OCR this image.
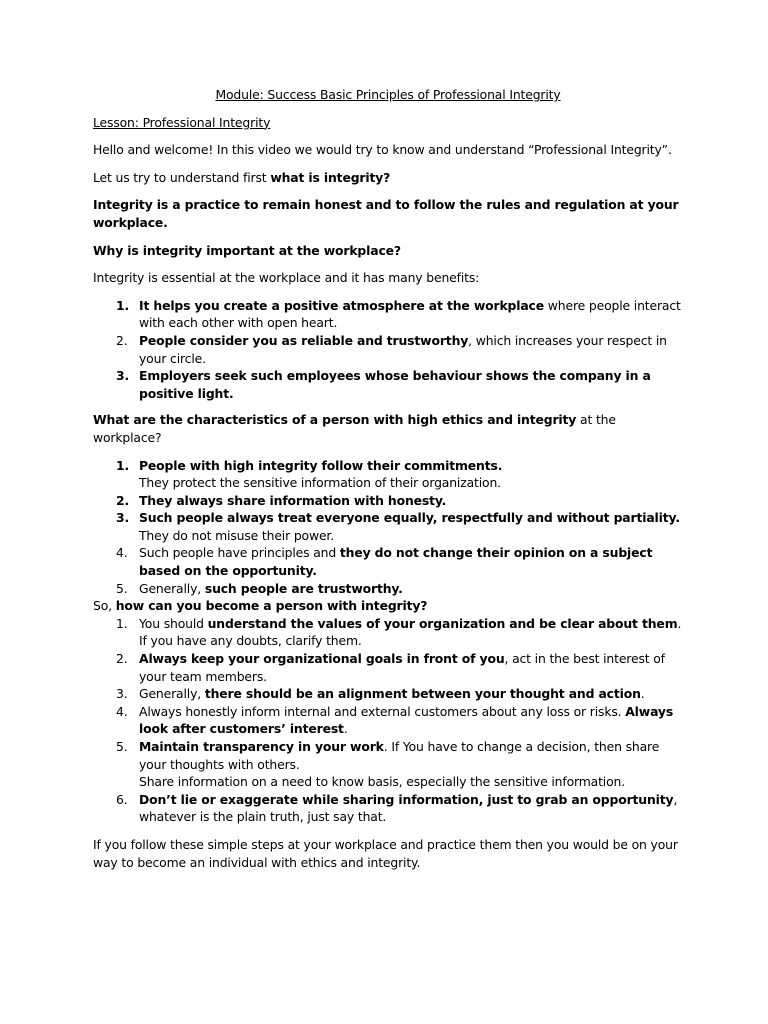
Module: Success Basic Principles of Professional Integrity

Lesson: Professional Integrity

Hello and welcome! In this video we would try to know and understand “Professional Integrity”.

Let us try to understand first what is integrity?

Integrity is a practice to remain honest and to follow the rules and regulation at your workplace.

Why is integrity important at the workplace?

Integrity is essential at the workplace and it has many benefits:

1. It helps you create a positive atmosphere at the workplace where people interact with each other with open heart.
2. People consider you as reliable and trustworthy, which increases your respect in your circle.
3. Employers seek such employees whose behaviour shows the company in a positive light.

What are the characteristics of a person with high ethics and integrity at the workplace?

1. People with high integrity follow their commitments.
They protect the sensitive information of their organization.
2. They always share information with honesty.
3. Such people always treat everyone equally, respectfully and without partiality.
They do not misuse their power.
4. Such people have principles and they do not change their opinion on a subject based on the opportunity.
5. Generally, such people are trustworthy.

So, how can you become a person with integrity?

1. You should understand the values of your organization and be clear about them. If you have any doubts, clarify them.
2. Always keep your organizational goals in front of you, act in the best interest of your team members.
3. Generally, there should be an alignment between your thought and action.
4. Always honestly inform internal and external customers about any loss or risks. Always look after customers’ interest.
5. Maintain transparency in your work. If You have to change a decision, then share your thoughts with others.
Share information on a need to know basis, especially the sensitive information.
6. Don’t lie or exaggerate while sharing information, just to grab an opportunity, whatever is the plain truth, just say that.

If you follow these simple steps at your workplace and practice them then you would be on your way to become an individual with ethics and integrity.
